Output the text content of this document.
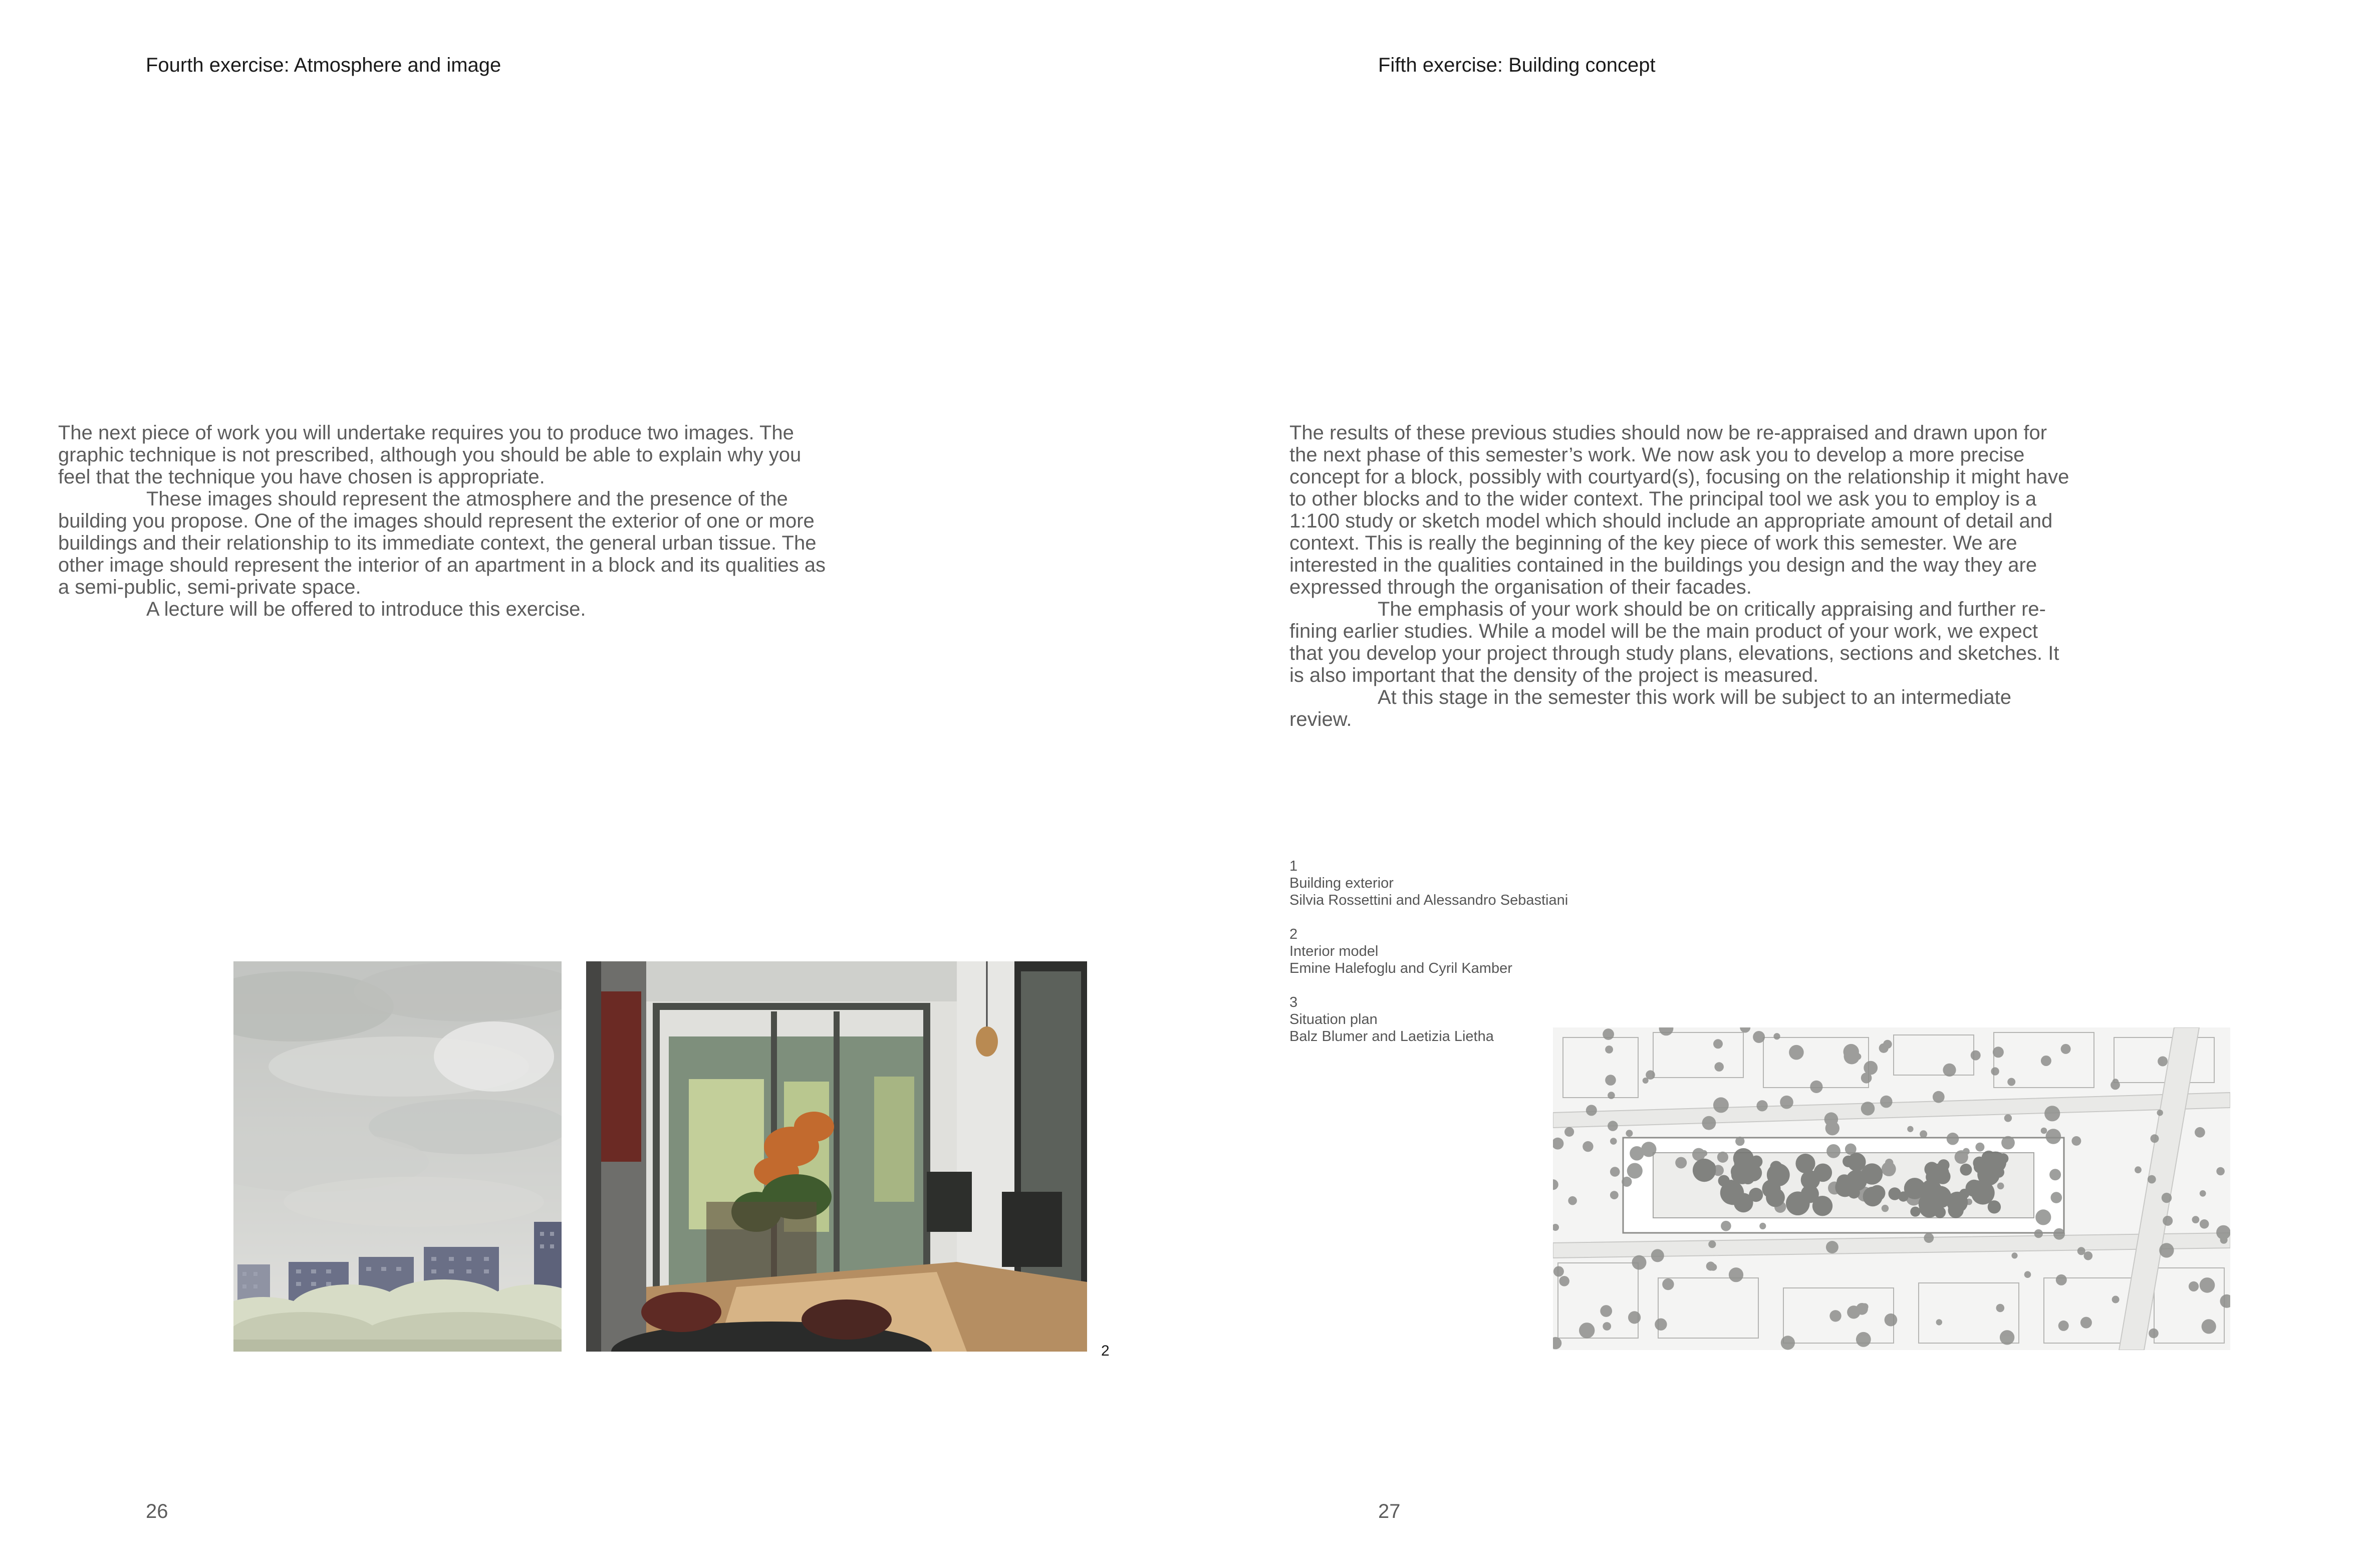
Fourth exercise: Atmosphere and image

The next piece of work you will undertake requires you to produce two images. The graphic technique is not prescribed, although you should be able to explain why you feel that the technique you have chosen is appropriate.

These images should represent the atmosphere and the presence of the building you propose. One of the images should represent the exterior of one or more buildings and their relationship to its immediate context, the general urban tissue. The other image should represent the interior of an apartment in a block and its qualities as a semi-public, semi-private space.

A lecture will be offered to introduce this exercise.

2
26
Fifth exercise: Building concept

The results of these previous studies should now be re-appraised and drawn upon for the next phase of this semester’s work. We now ask you to develop a more precise concept for a block, possibly with courtyard(s), focusing on the relationship it might have to other blocks and to the wider context. The principal tool we ask you to employ is a 1:100 study or sketch model which should include an appropriate amount of detail and context. This is really the beginning of the key piece of work this semester. We are interested in the qualities contained in the buildings you design and the way they are expressed through the organisation of their facades.

The emphasis of your work should be on critically appraising and further re-fining earlier studies. While a model will be the main product of your work, we expect that you develop your project through study plans, elevations, sections and sketches. It is also important that the density of the project is measured.

At this stage in the semester this work will be subject to an intermediate review.

1
Building exterior
Silvia Rossettini and Alessandro Sebastiani
2
Interior model
Emine Halefoglu and Cyril Kamber
3
Situation plan
Balz Blumer and Laetizia Lietha
27
